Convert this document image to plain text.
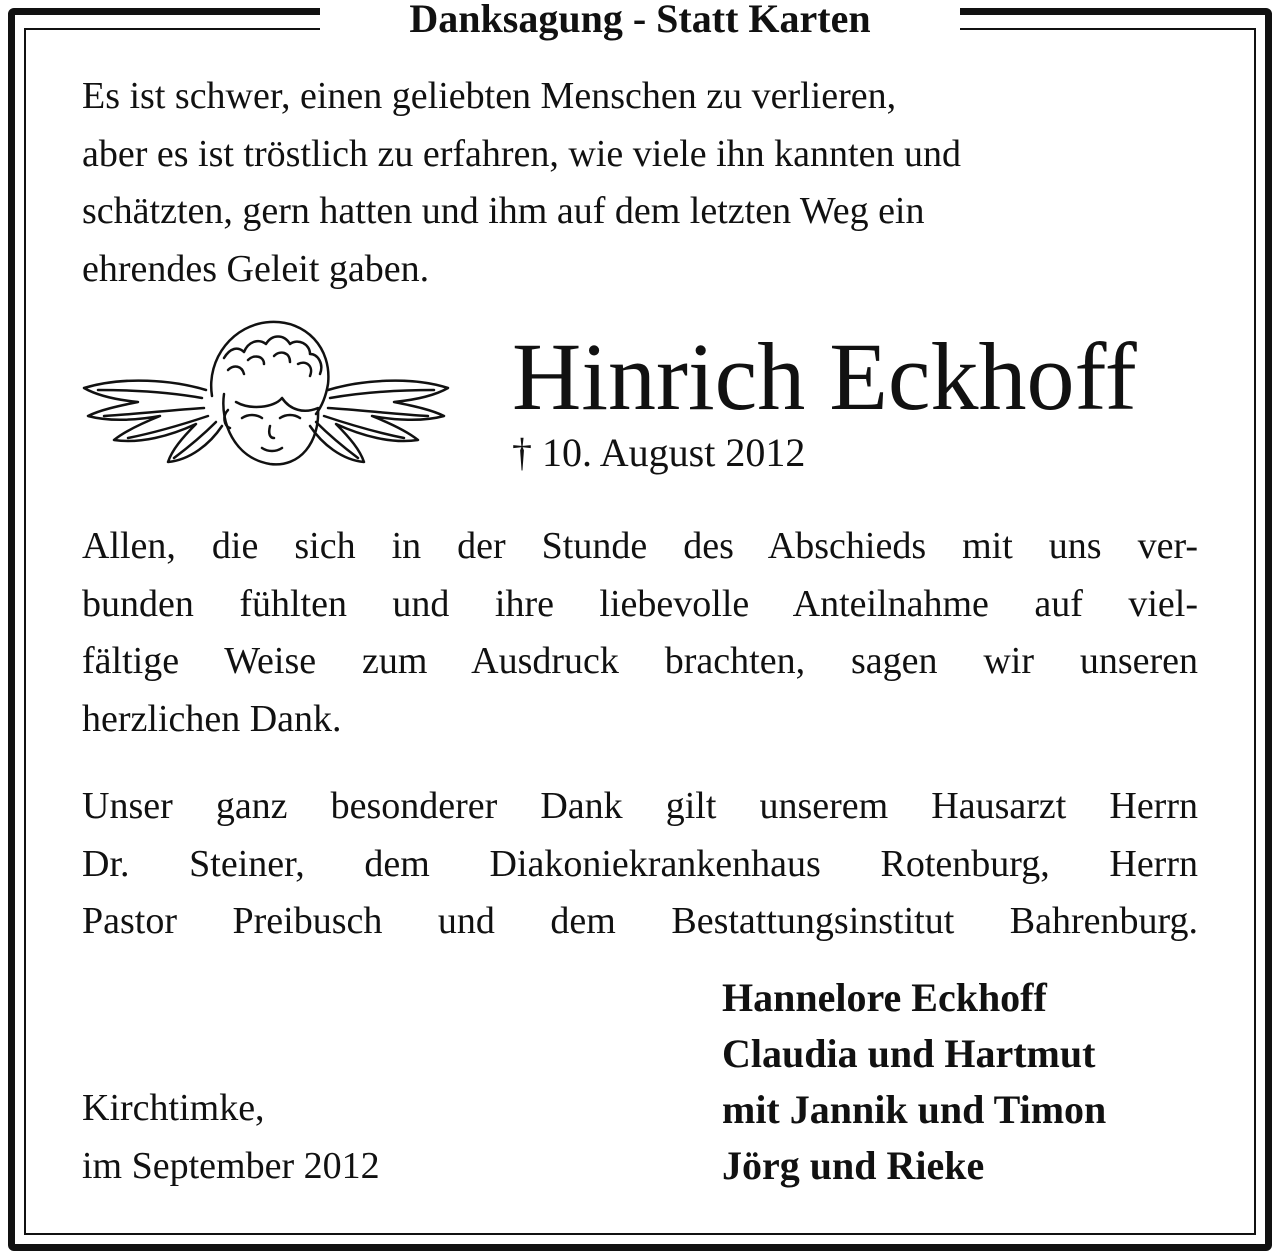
Danksagung - Statt Karten
Es ist schwer, einen geliebten Menschen zu verlieren,
aber es ist tröstlich zu erfahren, wie viele ihn kannten und
schätzten, gern hatten und ihm auf dem letzten Weg ein
ehrendes Geleit gaben.
Hinrich Eckhoff
† 10. August 2012
Allen, die sich in der Stunde des Abschieds mit uns ver-
bunden fühlten und ihre liebevolle Anteilnahme auf viel-
fältige Weise zum Ausdruck brachten, sagen wir unseren
herzlichen Dank.
Unser ganz besonderer Dank gilt unserem Hausarzt Herrn
Dr. Steiner, dem Diakoniekrankenhaus Rotenburg, Herrn
Pastor Preibusch und dem Bestattungsinstitut Bahrenburg.
Hannelore Eckhoff
Claudia und Hartmut
mit Jannik und Timon
Jörg und Rieke
Kirchtimke,
im September 2012
